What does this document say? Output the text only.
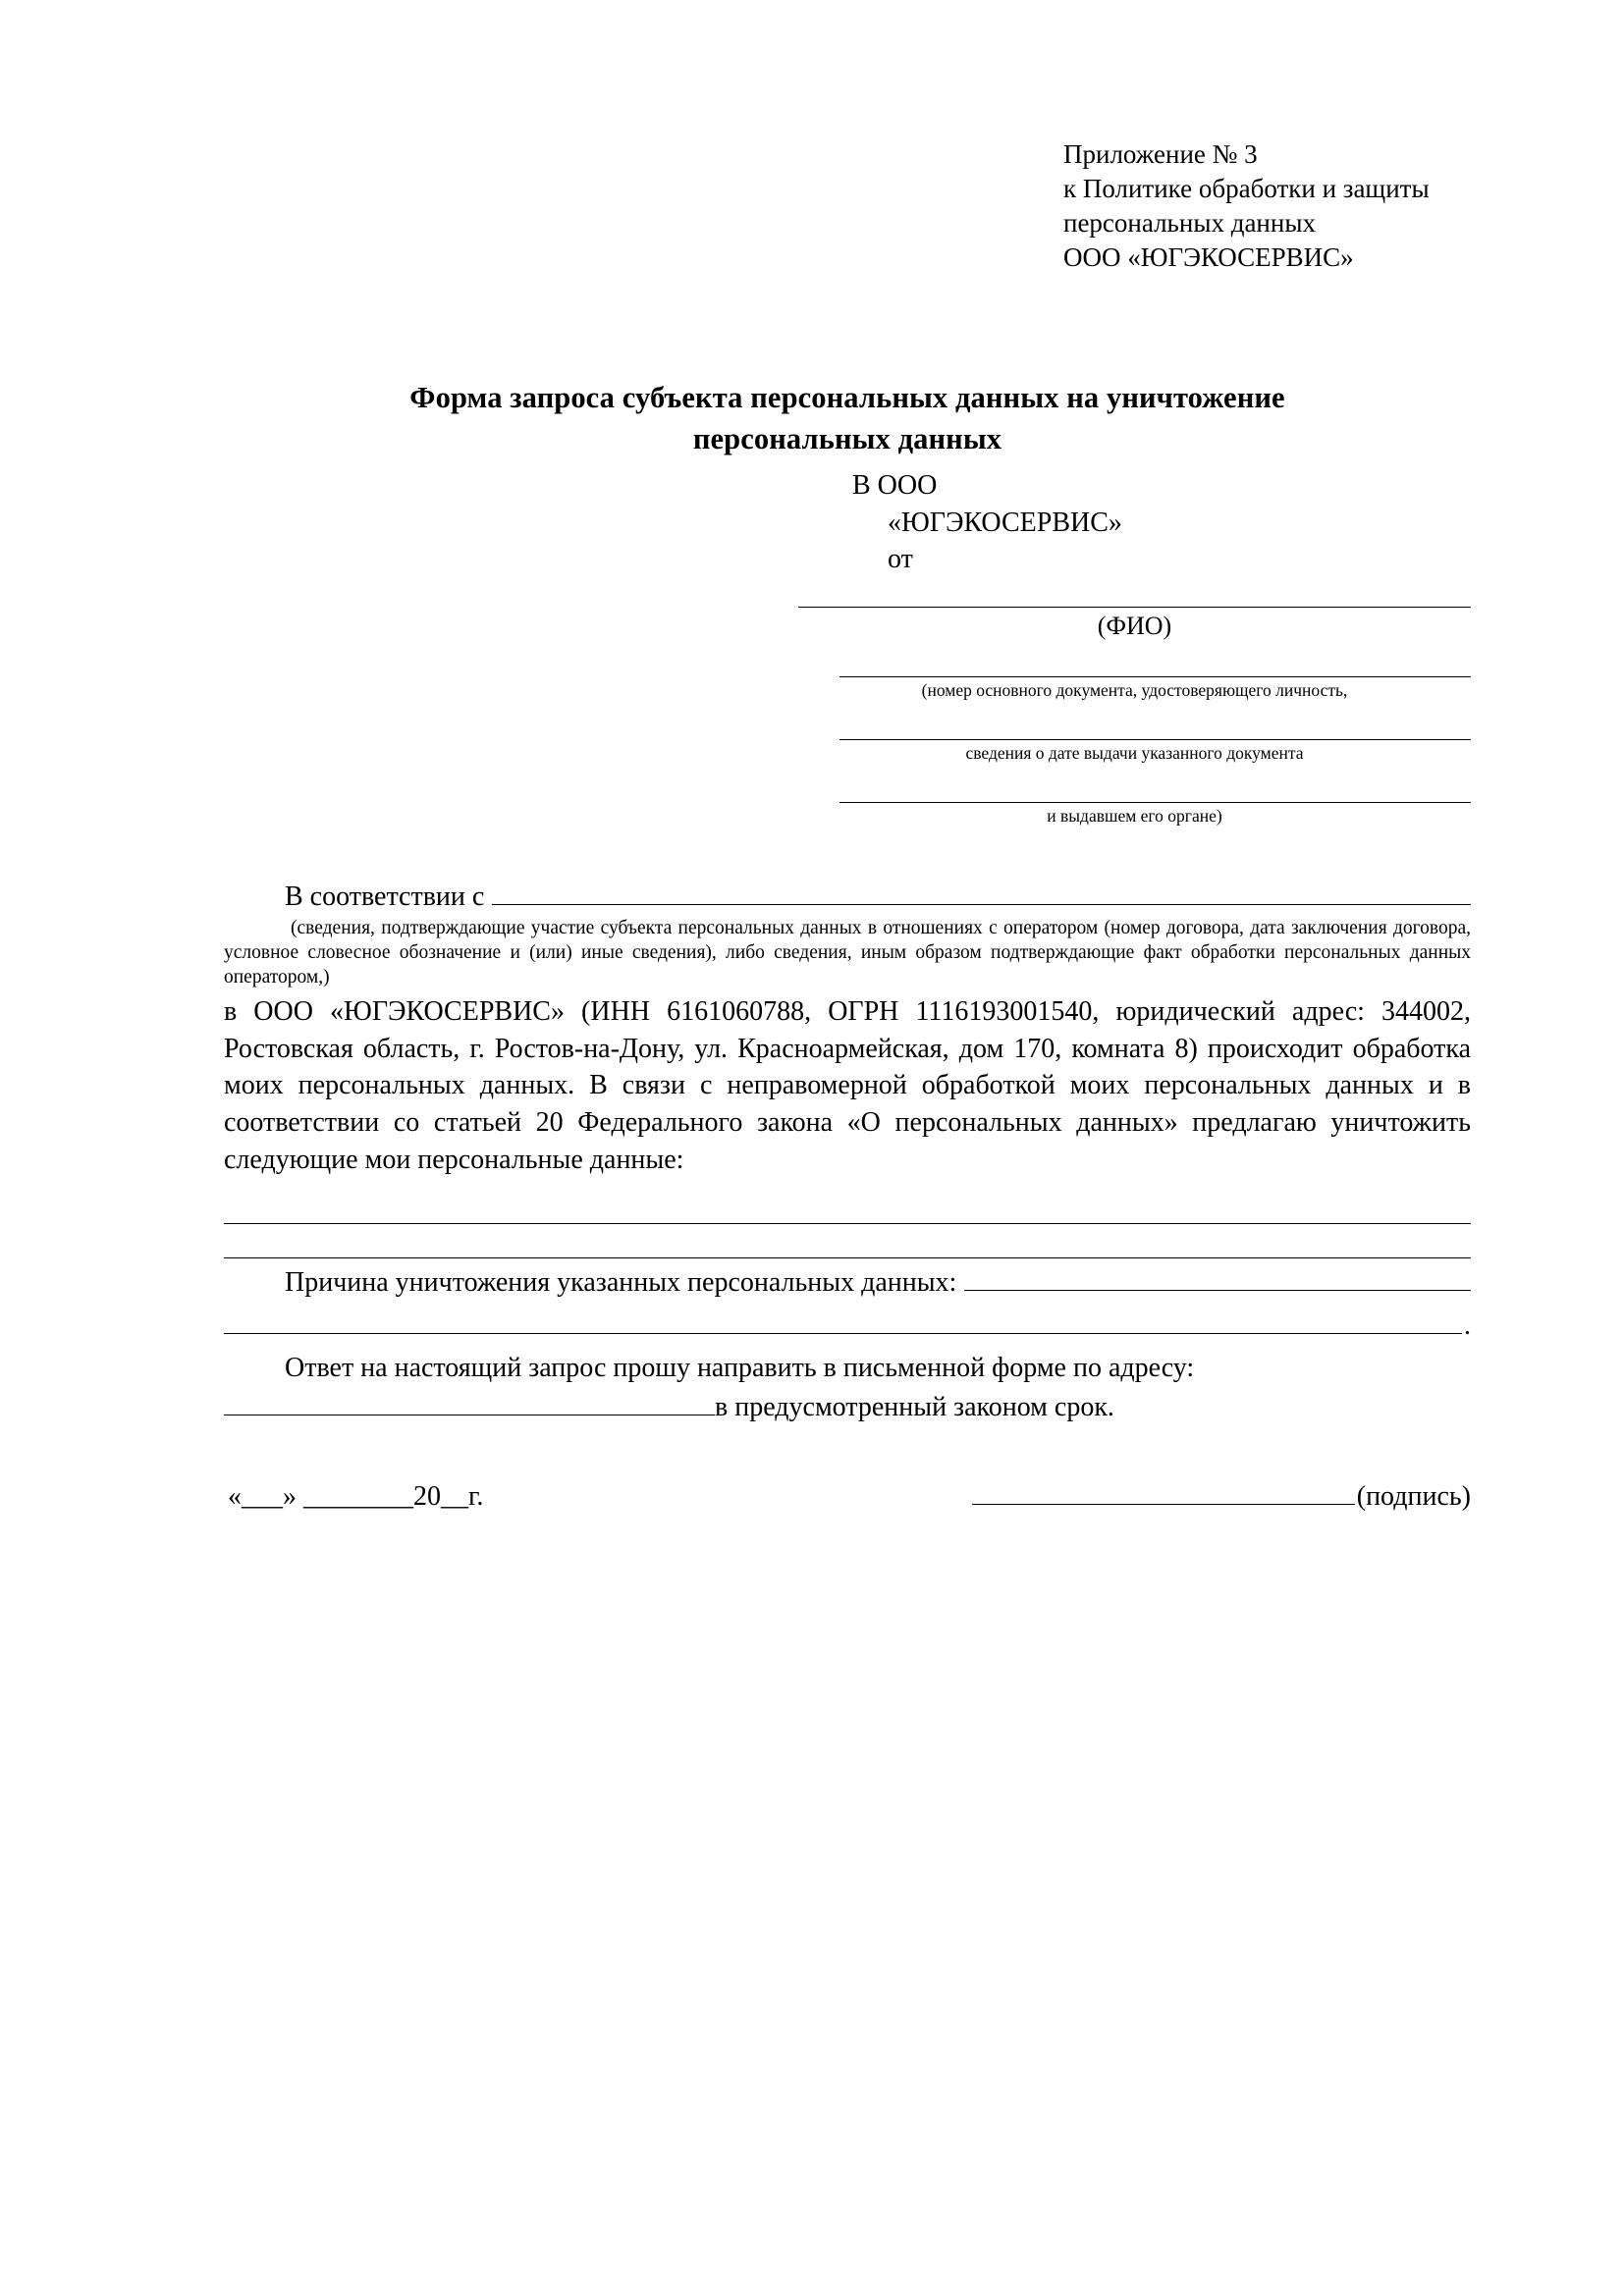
Приложение № 3
к Политике обработки и защиты
персональных данных
ООО «ЮГЭКОСЕРВИС»
Форма запроса субъекта персональных данных на уничтожение
персональных данных
В ООО
«ЮГЭКОСЕРВИС»
от
(ФИО)
(номер основного документа, удостоверяющего личность,
сведения о дате выдачи указанного документа
и выдавшем его органе)
В соответствии с
(сведения, подтверждающие участие субъекта персональных данных в отношениях с оператором (номер договора, дата заключения договора, условное словесное обозначение и (или) иные сведения), либо сведения, иным образом подтверждающие факт обработки персональных данных оператором,)
в ООО «ЮГЭКОСЕРВИС» (ИНН 6161060788, ОГРН 1116193001540, юридический адрес: 344002, Ростовская область, г. Ростов-на-Дону, ул. Красноармейская, дом 170, комната 8) происходит обработка моих персональных данных. В связи с неправомерной обработкой моих персональных данных и в соответствии со статьей 20 Федерального закона «О персональных данных» предлагаю уничтожить следующие мои персональные данные:
Причина уничтожения указанных персональных данных:
.
Ответ на настоящий запрос прошу направить в письменной форме по адресу:
в предусмотренный законом срок.
«___» ________20__г.	(подпись)
